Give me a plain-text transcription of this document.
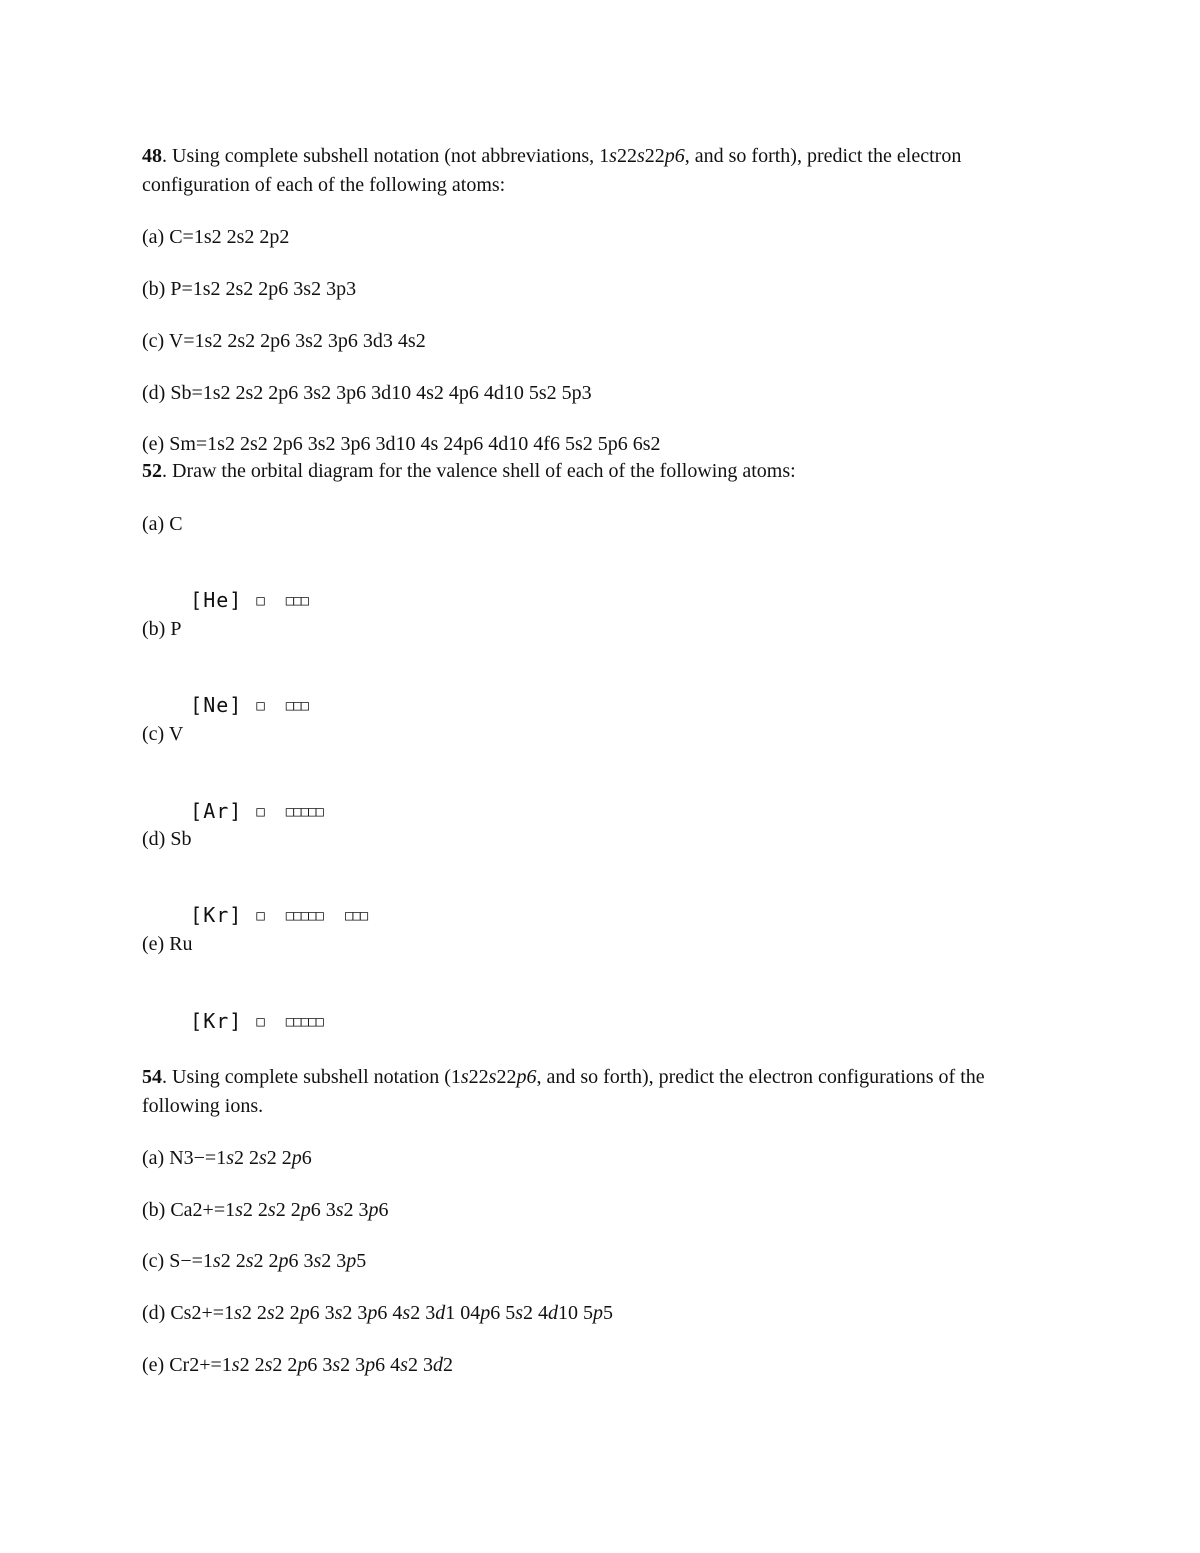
48. Using complete subshell notation (not abbreviations, 1s22s22p6, and so forth), predict the electron
configuration of each of the following atoms:
(a) C=1s2 2s2 2p2
(b) P=1s2 2s2 2p6 3s2 3p3
(c) V=1s2 2s2 2p6 3s2 3p6 3d3 4s2
(d) Sb=1s2 2s2 2p6 3s2 3p6 3d10 4s2 4p6 4d10 5s2 5p3
(e) Sm=1s2 2s2 2p6 3s2 3p6 3d10 4s 24p6 4d10 4f6 5s2 5p6 6s2
52. Draw the orbital diagram for the valence shell of each of the following atoms:
(a) C

[He] □ □□□

(b) P

[Ne] □ □□□

(c) V

[Ar] □ □□□□□

(d) Sb

[Kr] □ □□□□□ □□□

(e) Ru

[Kr] □ □□□□□

54. Using complete subshell notation (1s22s22p6, and so forth), predict the electron configurations of the
following ions.
(a) N3−=1s2 2s2 2p6
(b) Ca2+=1s2 2s2 2p6 3s2 3p6
(c) S−=1s2 2s2 2p6 3s2 3p5
(d) Cs2+=1s2 2s2 2p6 3s2 3p6 4s2 3d1 04p6 5s2 4d10 5p5
(e) Cr2+=1s2 2s2 2p6 3s2 3p6 4s2 3d2
